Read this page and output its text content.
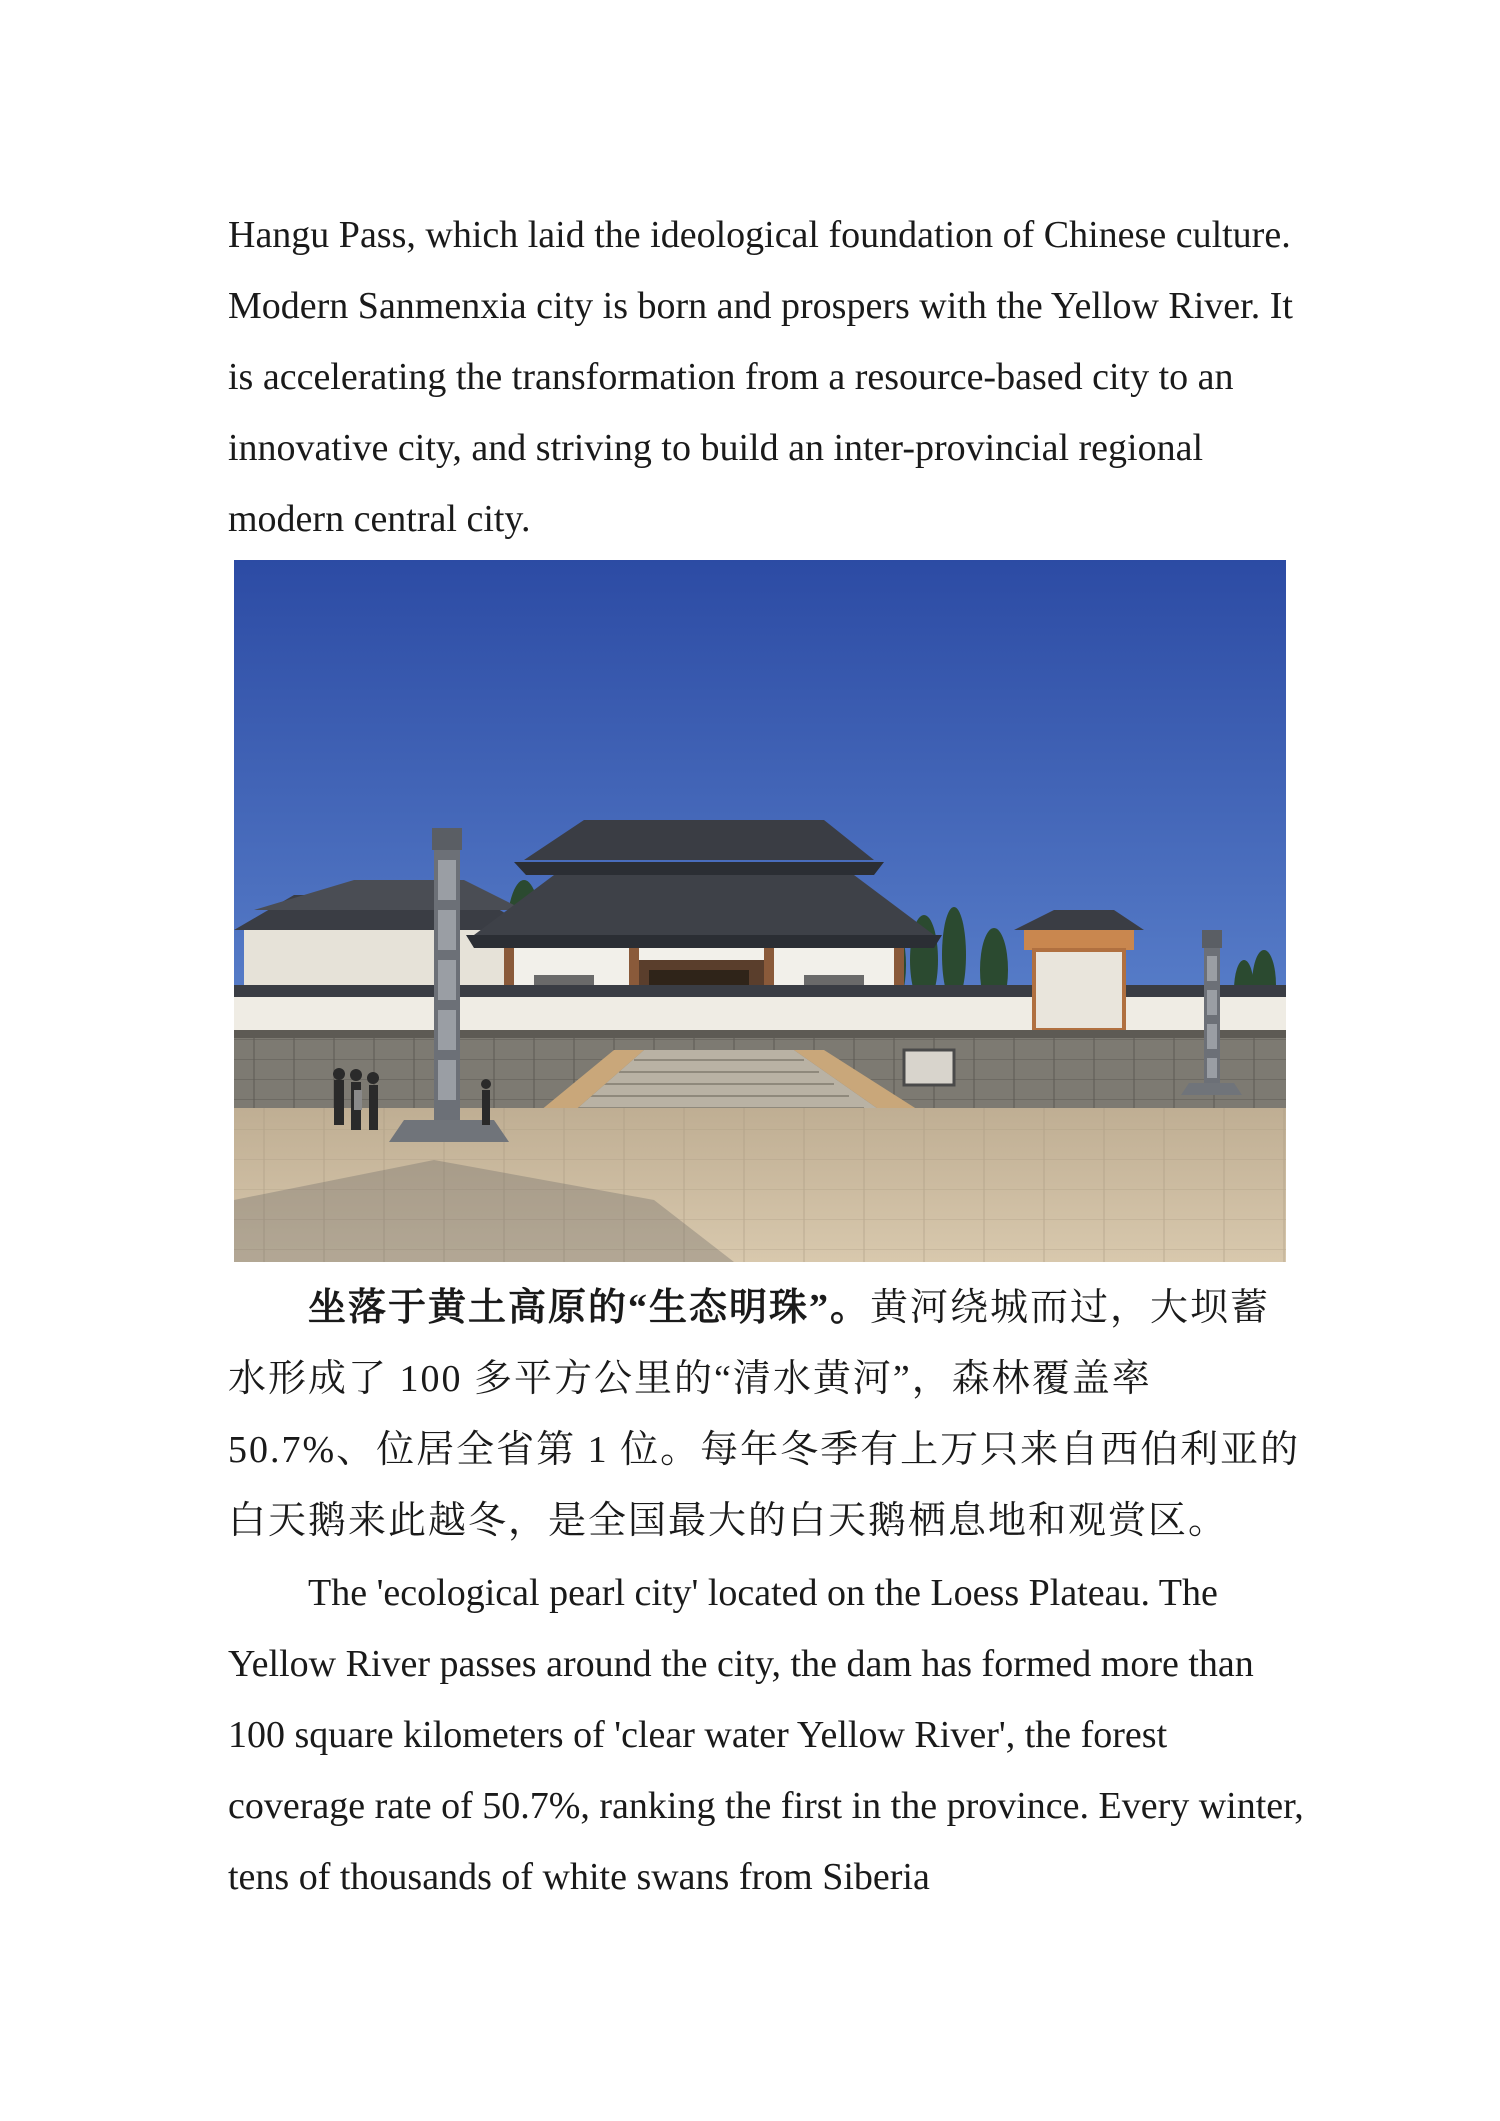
Hangu Pass, which laid the ideological foundation of Chinese culture. Modern Sanmenxia city is born and prospers with the Yellow River. It is accelerating the transformation from a resource-based city to an innovative city, and striving to build an inter-provincial regional modern central city.

坐落于黄土高原的“生态明珠”。黄河绕城而过，大坝蓄水形成了 100 多平方公里的“清水黄河”，森林覆盖率 50.7%、位居全省第 1 位。每年冬季有上万只来自西伯利亚的白天鹅来此越冬，是全国最大的白天鹅栖息地和观赏区。

The 'ecological pearl city' located on the Loess Plateau. The Yellow River passes around the city, the dam has formed more than 100 square kilometers of 'clear water Yellow River', the forest coverage rate of 50.7%, ranking the first in the province. Every winter, tens of thousands of white swans from Siberia
